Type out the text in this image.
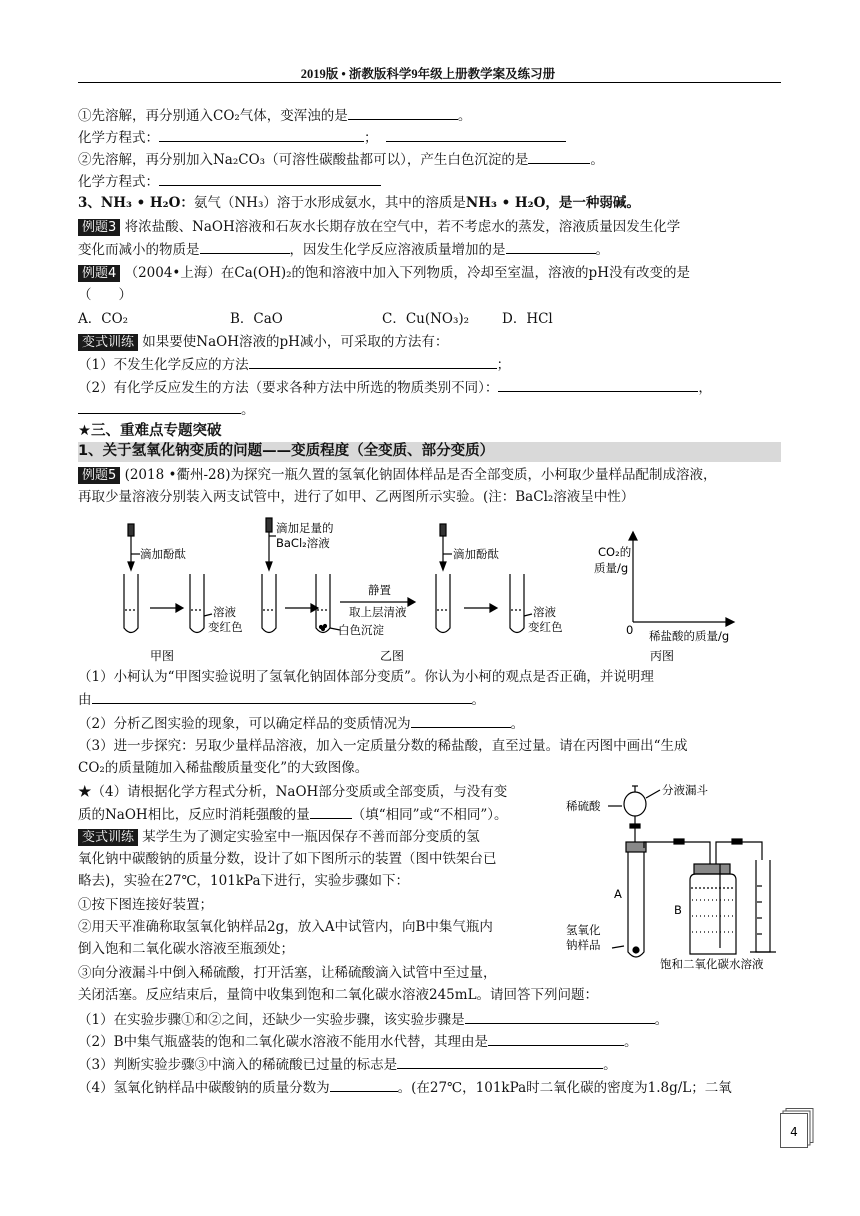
2019版 • 浙教版科学9年级上册教学案及练习册
①先溶解，再分别通入CO₂气体，变浑浊的是	。
化学方程式：	；
②先溶解，再分别加入Na₂CO₃（可溶性碳酸盐都可以），产生白色沉淀的是	。
化学方程式：
3、NH₃ • H₂O：氨气（NH₃）溶于水形成氨水，其中的溶质是NH₃ • H₂O，是一种弱碱。
例题3 将浓盐酸、NaOH溶液和石灰水长期存放在空气中，若不考虑水的蒸发，溶液质量因发生化学
变化而减小的物质是	，因发生化学反应溶液质量增加的是	。
例题4 （2004•上海）在Ca(OH)₂的饱和溶液中加入下列物质，冷却至室温，溶液的pH没有改变的是
（　　）
A．CO₂	B．CaO	C．Cu(NO₃)₂ D．HCl
变式训练 如果要使NaOH溶液的pH减小，可采取的方法有：
（1）不发生化学反应的方法	；
（2）有化学反应发生的方法（要求各种方法中所选的物质类别不同）：	，
。
★三、重难点专题突破
1、关于氢氧化钠变质的问题——变质程度（全变质、部分变质）
例题5 (2018 •衢州-28)为探究一瓶久置的氢氧化钠固体样品是否全部变质，小柯取少量样品配制成溶液，
再取少量溶液分别装入两支试管中，进行了如甲、乙两图所示实验。(注：BaCl₂溶液呈中性）
滴加酚酞
滴加足量的
BaCl₂溶液
滴加酚酞
溶液
变红色
静置
取上层清液
白色沉淀
溶液
变红色
甲图	乙图
CO₂的
质量/g
0 稀盐酸的质量/g
丙图
（1）小柯认为“甲图实验说明了氢氧化钠固体部分变质”。你认为小柯的观点是否正确，并说明理
由	。
（2）分析乙图实验的现象，可以确定样品的变质情况为	。
（3）进一步探究：另取少量样品溶液，加入一定质量分数的稀盐酸，直至过量。请在丙图中画出“生成
CO₂的质量随加入稀盐酸质量变化”的大致图像。
★（4）请根据化学方程式分析，NaOH部分变质或全部变质，与没有变
质的NaOH相比，反应时消耗强酸的量	（填“相同”或“不相同”）。
变式训练 某学生为了测定实验室中一瓶因保存不善而部分变质的氢
氧化钠中碳酸钠的质量分数，设计了如下图所示的装置（图中铁架台已
略去)，实验在27℃，101kPa下进行，实验步骤如下：
①按下图连接好装置；
②用天平准确称取氢氧化钠样品2g，放入A中试管内，向B中集气瓶内
倒入饱和二氧化碳水溶液至瓶颈处；
③向分液漏斗中倒入稀硫酸，打开活塞，让稀硫酸滴入试管中至过量，
关闭活塞。反应结束后，量筒中收集到饱和二氧化碳水溶液245mL。请回答下列问题：
稀硫酸
分液漏斗
A
B
氢氧化
钠样品
饱和二氧化碳水溶液
（1）在实验步骤①和②之间，还缺少一实验步骤，该实验步骤是	。
（2）B中集气瓶盛装的饱和二氧化碳水溶液不能用水代替，其理由是	。
（3）判断实验步骤③中滴入的稀硫酸已过量的标志是	。
（4）氢氧化钠样品中碳酸钠的质量分数为	。(在27℃，101kPa时二氧化碳的密度为1.8g/L；二氧
4
